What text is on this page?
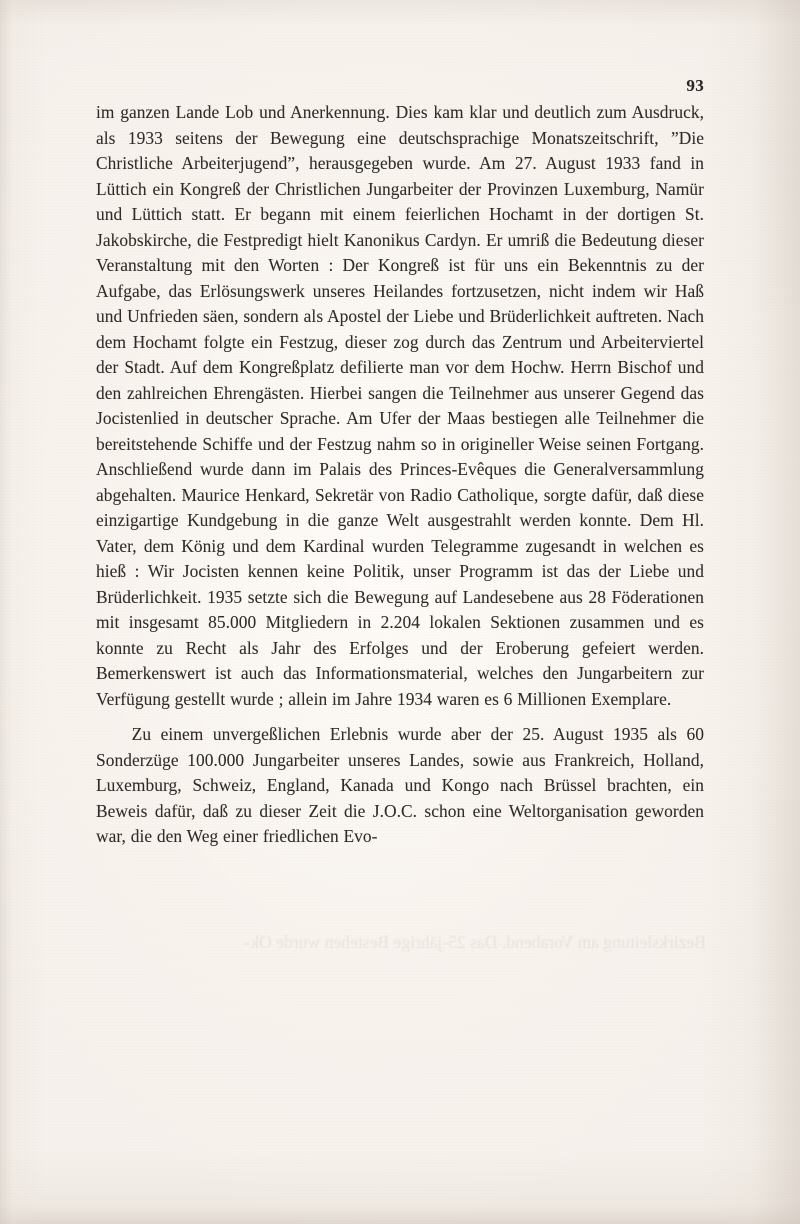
Bezirksleitung am Vorabend. Das 25-jährige Bestehen wurde Ok-
93

im ganzen Lande Lob und Anerkennung. Dies kam klar und deutlich zum Ausdruck, als 1933 seitens der Bewegung eine deutschsprachige Monatszeitschrift, ”Die Christliche Arbeiterjugend”, herausgegeben wurde. Am 27. August 1933 fand in Lüttich ein Kongreß der Christlichen Jungarbeiter der Provinzen Luxemburg, Namür und Lüttich statt. Er begann mit einem feierlichen Hochamt in der dortigen St. Jakobskirche, die Festpredigt hielt Kanonikus Cardyn. Er umriß die Bedeutung dieser Veranstaltung mit den Worten : Der Kongreß ist für uns ein Bekenntnis zu der Aufgabe, das Erlösungswerk unseres Heilandes fortzusetzen, nicht indem wir Haß und Unfrieden säen, sondern als Apostel der Liebe und Brüderlichkeit auftreten. Nach dem Hochamt folgte ein Festzug, dieser zog durch das Zentrum und Arbeiterviertel der Stadt. Auf dem Kongreßplatz defilierte man vor dem Hochw. Herrn Bischof und den zahlreichen Ehrengästen. Hierbei sangen die Teilnehmer aus unserer Gegend das Jocistenlied in deutscher Sprache. Am Ufer der Maas bestiegen alle Teilnehmer die bereitstehende Schiffe und der Festzug nahm so in origineller Weise seinen Fortgang. Anschließend wurde dann im Palais des Princes-Evêques die Generalversammlung abgehalten. Maurice Henkard, Sekretär von Radio Catholique, sorgte dafür, daß diese einzigartige Kundgebung in die ganze Welt ausgestrahlt werden konnte. Dem Hl. Vater, dem König und dem Kardinal wurden Telegramme zugesandt in welchen es hieß : Wir Jocisten kennen keine Politik, unser Programm ist das der Liebe und Brüderlichkeit. 1935 setzte sich die Bewegung auf Landesebene aus 28 Föderationen mit insgesamt 85.000 Mitgliedern in 2.204 lokalen Sektionen zusammen und es konnte zu Recht als Jahr des Erfolges und der Eroberung gefeiert werden. Bemerkenswert ist auch das Informationsmaterial, welches den Jungarbeitern zur Verfügung gestellt wurde ; allein im Jahre 1934 waren es 6 Millionen Exemplare.

Zu einem unvergeßlichen Erlebnis wurde aber der 25. August 1935 als 60 Sonderzüge 100.000 Jungarbeiter unseres Landes, sowie aus Frankreich, Holland, Luxemburg, Schweiz, England, Kanada und Kongo nach Brüssel brachten, ein Beweis dafür, daß zu dieser Zeit die J.O.C. schon eine Weltorganisation geworden war, die den Weg einer friedlichen Evo-
